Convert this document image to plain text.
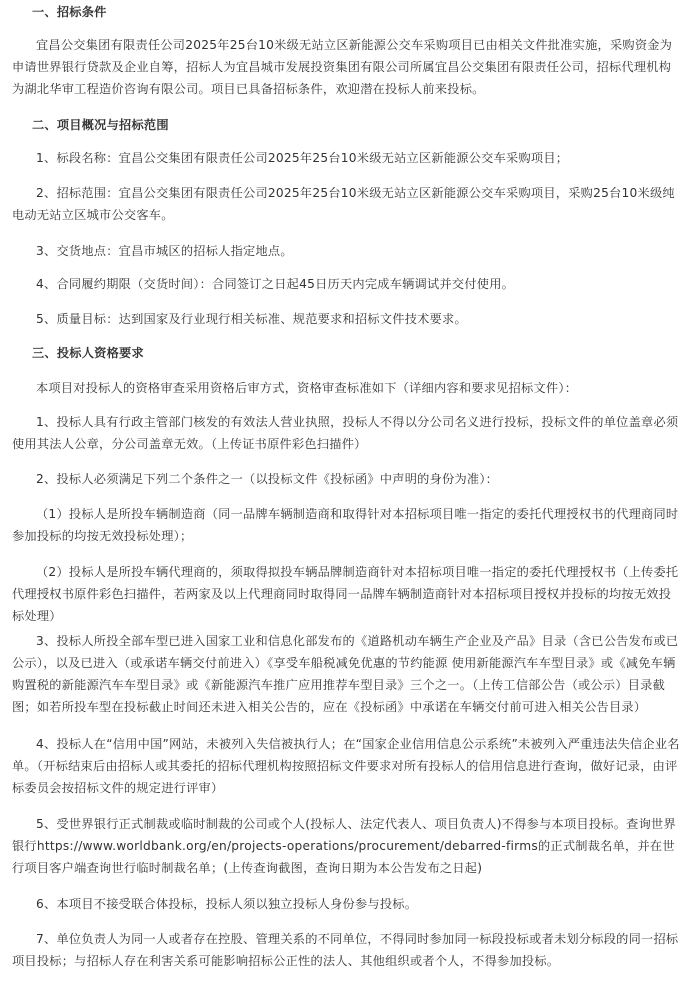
一、招标条件
宜昌公交集团有限责任公司2025年25台10米级无站立区新能源公交车采购项目已由相关文件批准实施，采购资金为申请世界银行贷款及企业自筹，招标人为宜昌城市发展投资集团有限公司所属宜昌公交集团有限责任公司，招标代理机构为湖北华审工程造价咨询有限公司。项目已具备招标条件，欢迎潜在投标人前来投标。
二、项目概况与招标范围
1、标段名称：宜昌公交集团有限责任公司2025年25台10米级无站立区新能源公交车采购项目；
2、招标范围：宜昌公交集团有限责任公司2025年25台10米级无站立区新能源公交车采购项目，采购25台10米级纯电动无站立区城市公交客车。
3、交货地点：宜昌市城区的招标人指定地点。
4、合同履约期限（交货时间）：合同签订之日起45日历天内完成车辆调试并交付使用。
5、质量目标：达到国家及行业现行相关标准、规范要求和招标文件技术要求。
三、投标人资格要求
本项目对投标人的资格审查采用资格后审方式，资格审查标准如下（详细内容和要求见招标文件）：
1、投标人具有行政主管部门核发的有效法人营业执照，投标人不得以分公司名义进行投标，投标文件的单位盖章必须使用其法人公章，分公司盖章无效。（上传证书原件彩色扫描件）
2、投标人必须满足下列二个条件之一（以投标文件《投标函》中声明的身份为准）：
（1）投标人是所投车辆制造商（同一品牌车辆制造商和取得针对本招标项目唯一指定的委托代理授权书的代理商同时参加投标的均按无效投标处理）；
（2）投标人是所投车辆代理商的，须取得拟投车辆品牌制造商针对本招标项目唯一指定的委托代理授权书（上传委托代理授权书原件彩色扫描件，若两家及以上代理商同时取得同一品牌车辆制造商针对本招标项目授权并投标的均按无效投标处理）
3、投标人所投全部车型已进入国家工业和信息化部发布的《道路机动车辆生产企业及产品》目录（含已公告发布或已公示），以及已进入（或承诺车辆交付前进入）《享受车船税减免优惠的节约能源 使用新能源汽车车型目录》或《减免车辆购置税的新能源汽车车型目录》或《新能源汽车推广应用推荐车型目录》三个之一。（上传工信部公告（或公示）目录截图；如若所投车型在投标截止时间还未进入相关公告的，应在《投标函》中承诺在车辆交付前可进入相关公告目录）
4、投标人在“信用中国”网站，未被列入失信被执行人；在“国家企业信用信息公示系统”未被列入严重违法失信企业名单。（开标结束后由招标人或其委托的招标代理机构按照招标文件要求对所有投标人的信用信息进行查询，做好记录，由评标委员会按招标文件的规定进行评审）
5、受世界银行正式制裁或临时制裁的公司或个人(投标人、法定代表人、项目负责人)不得参与本项目投标。查询世界银行https://www.worldbank.org/en/projects-operations/procurement/debarred-firms的正式制裁名单，并在世行项目客户端查询世行临时制裁名单；(上传查询截图，查询日期为本公告发布之日起)
6、本项目不接受联合体投标，投标人须以独立投标人身份参与投标。
7、单位负责人为同一人或者存在控股、管理关系的不同单位，不得同时参加同一标段投标或者未划分标段的同一招标项目投标；与招标人存在利害关系可能影响招标公正性的法人、其他组织或者个人，不得参加投标。
